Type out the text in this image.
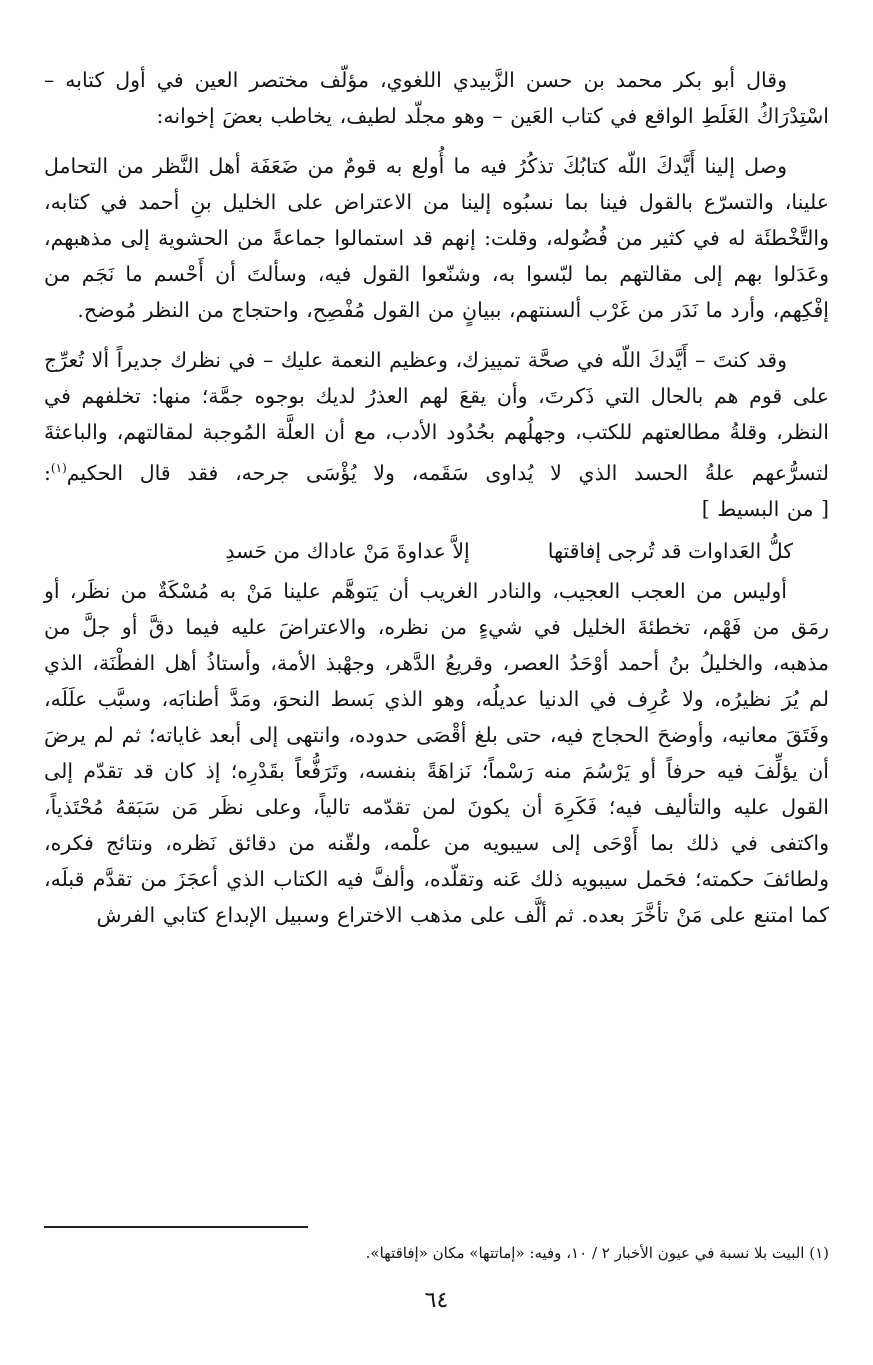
وقال أبو بكر محمد بن حسن الزَّبيدي اللغوي، مؤلّف مختصر العين في أول كتابه – اسْتِدْرَاكُ الغَلَطِ الواقع في كتاب العَين – وهو مجلّد لطيف، يخاطب بعضَ إخوانه:

وصل إلينا أَيَّدكَ اللّه كتابُكَ تذكُرُ فيه ما أُولع به قومٌ من ضَعَفَة أهل النَّظر من التحامل علينا، والتسرّع بالقول فينا بما نسبُوه إلينا من الاعتراض على الخليل بنِ أحمد في كتابه، والتَّخْطئَة له في كثير من فُضُوله، وقلت: إنهم قد استمالوا جماعةً من الحشوية إلى مذهبهم، وعَدَلوا بهم إلى مقالتهم بما لبّسوا به، وشنّعوا القول فيه، وسألتَ أن أَحْسم ما نَجَم من إفْكِهم، وأرد ما نَدَر من غَرْب ألسنتهم، ببيانٍ من القول مُفْصِح، واحتجاج من النظر مُوضح.

وقد كنتَ – أَيَّدكَ اللّه في صحَّة تمييزك، وعظيم النعمة عليك – في نظرك جديراً ألا تُعرِّج على قوم هم بالحال التي ذَكرتَ، وأن يقعَ لهم العذرُ لديك بوجوه جمَّة؛ منها: تخلفهم في النظر، وقلةُ مطالعتهم للكتب، وجهلُهم بحُدُود الأدب، مع أن العلَّة المُوجبة لمقالتهم، والباعثةَ لتسرُّعهم علةُ الحسد الذي لا يُداوى سَقَمه، ولا يُؤْسَى جرحه، فقد قال الحكيم$^{(١)}$: [ من البسيط ]

كلُّ العَداوات قد تُرجى إفاقتها
إلاَّ عداوةَ مَنْ عاداك من حَسدِ

أوليس من العجب العجيب، والنادر الغريب أن يَتوهَّم علينا مَنْ به مُسْكَةٌ من نظَر، أو رمَق من فَهْم، تخطئةَ الخليل في شيءٍ من نظره، والاعتراضَ عليه فيما دقَّ أو جلَّ من مذهبه، والخليلُ بنُ أحمد أوْحَدُ العصر، وقريعُ الدَّهر، وجهْبذ الأمة، وأستاذُ أهل الفطْنَة، الذي لم يُرَ نظيرُه، ولا عُرِف في الدنيا عديلُه، وهو الذي بَسط النحوَ، ومَدَّ أطنابَه، وسبَّب علَلَه، وفَتَقَ معانيه، وأوضحَ الحجاج فيه، حتى بلغ أقْصَى حدوده، وانتهى إلى أبعد غاياته؛ ثم لم يرضَ أن يؤلِّفَ فيه حرفاً أو يَرْسُمَ منه رَسْماً؛ نَزاهَةً بنفسه، وتَرَفُّعاً بقَدْرِه؛ إذ كان قد تقدّم إلى القول عليه والتأليف فيه؛ فَكَرِهَ أن يكونَ لمن تقدّمه تالياً، وعلى نظَر مَن سَبَقهُ مُحْتَذياً، واكتفى في ذلك بما أَوْحَى إلى سيبويه من علْمه، ولقّنه من دقائق نَظره، ونتائج فكره، ولطائفَ حكمته؛ فحَمل سيبويه ذلك عَنه وتقلّده، وألفَّ فيه الكتاب الذي أعجَزَ من تقدَّم قبلَه، كما امتنع على مَنْ تأخَّرَ بعده. ثم ألَّف على مذهب الاختراع وسبيل الإبداع كتابي الفرش

(١) البيت بلا نسبة في عيون الأخبار ٢ / ١٠، وفيه: «إماتتها» مكان «إفاقتها».
٦٤
